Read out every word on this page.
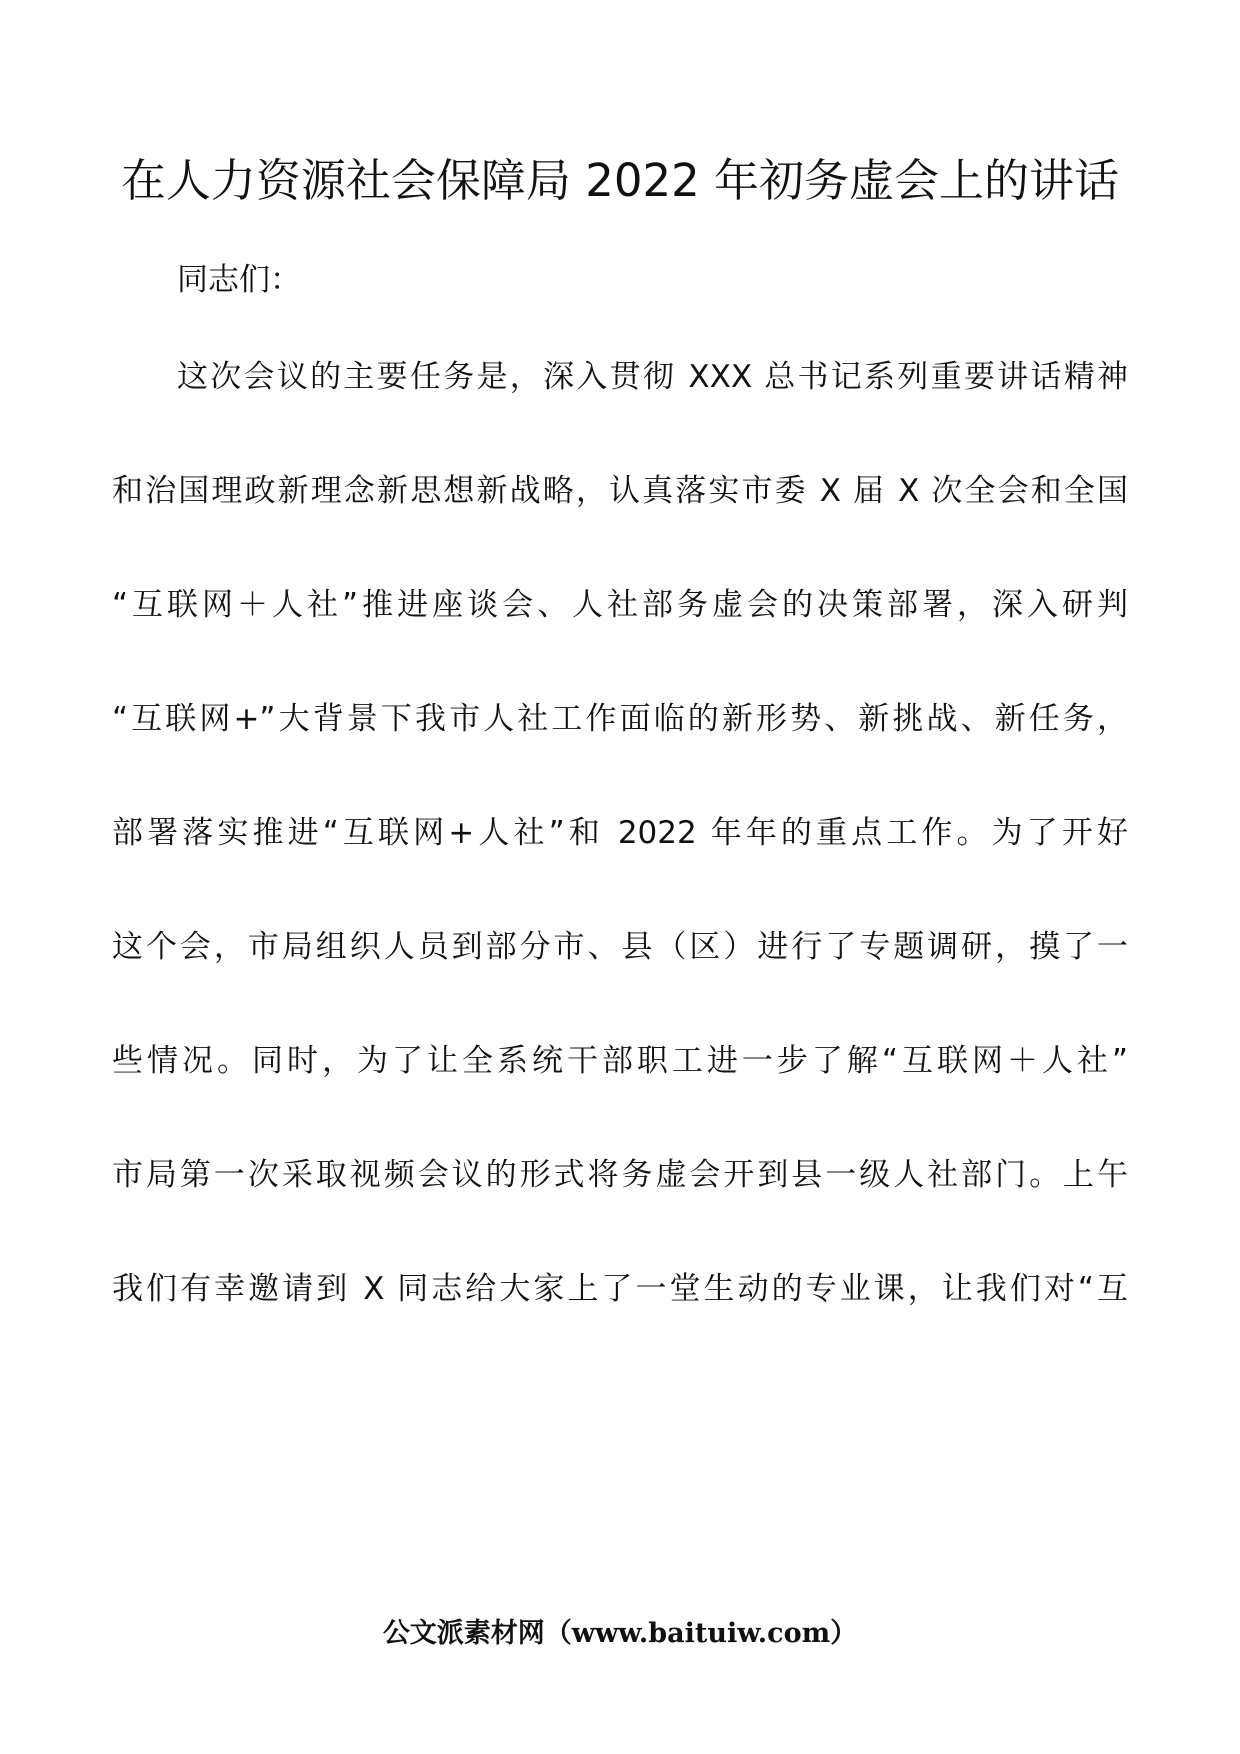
在人力资源社会保障局 2022 年初务虚会上的讲话
同志们：
这次会议的主要任务是，深入贯彻 XXX 总书记系列重要讲话精神
和治国理政新理念新思想新战略，认真落实市委 X 届 X 次全会和全国
“互联网＋人社”推进座谈会、人社部务虚会的决策部署，深入研判
“互联网+”大背景下我市人社工作面临的新形势、新挑战、新任务，
部署落实推进“互联网+人社”和 2022 年年的重点工作。为了开好
这个会，市局组织人员到部分市、县（区）进行了专题调研，摸了一
些情况。同时，为了让全系统干部职工进一步了解“互联网＋人社”
市局第一次采取视频会议的形式将务虚会开到县一级人社部门。上午
我们有幸邀请到 X 同志给大家上了一堂生动的专业课，让我们对“互
公文派素材网（www.baituiw.com）
